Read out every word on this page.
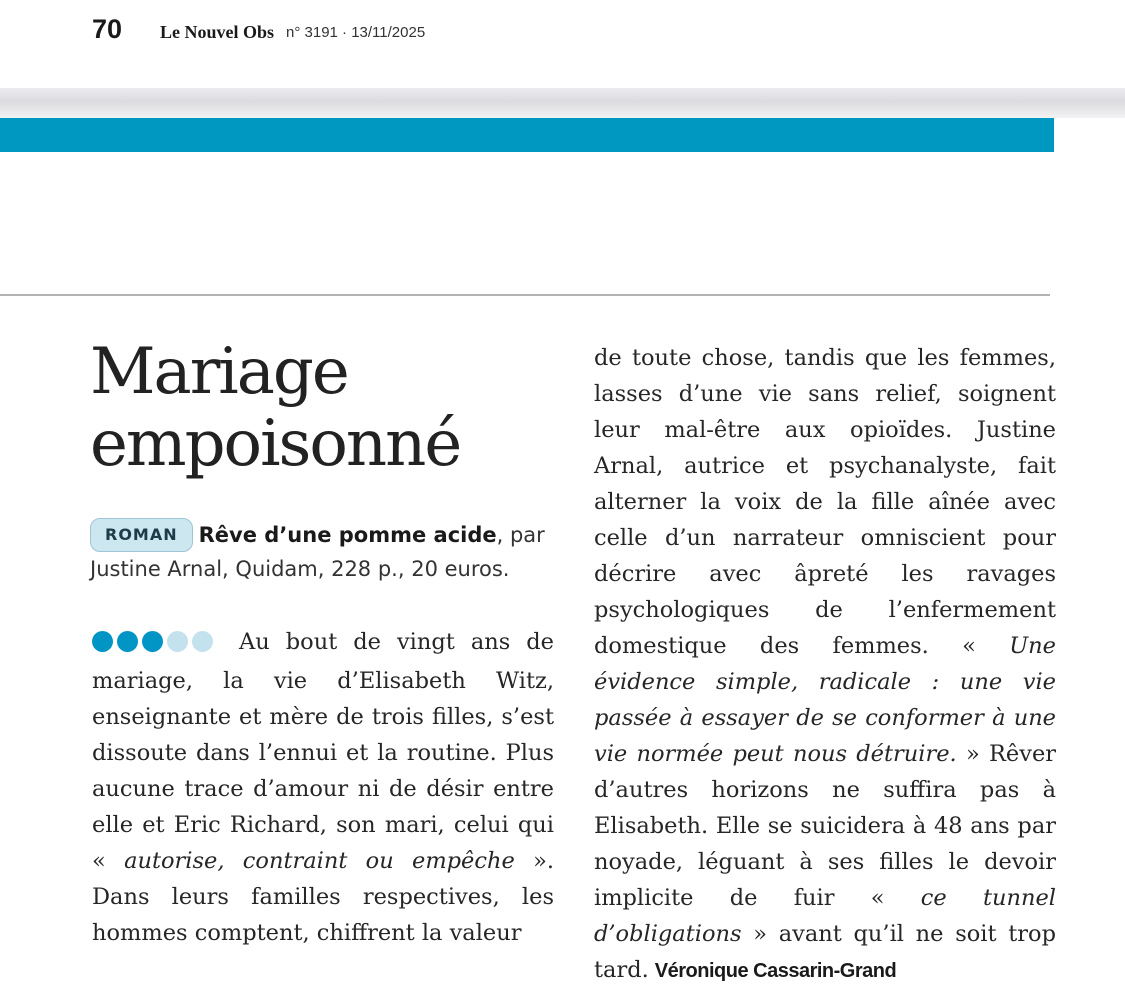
70 Le Nouvel Obs n° 3191 · 13/11/2025
Mariage
empoisonné
ROMAN Rêve d’une pomme acide, par Justine Arnal, Quidam, 228 p., 20 euros.

Au bout de vingt ans de mariage, la vie d’Elisabeth Witz, enseignante et mère de trois filles, s’est dissoute dans l’ennui et la routine. Plus aucune trace d’amour ni de désir entre elle et Eric Richard, son mari, celui qui « autorise, contraint ou empêche ». Dans leurs familles respectives, les hommes comptent, chiffrent la valeur

de toute chose, tandis que les femmes, lasses d’une vie sans relief, soignent leur mal-être aux opioïdes. Justine Arnal, autrice et psychanalyste, fait alterner la voix de la fille aînée avec celle d’un narrateur omniscient pour décrire avec âpreté les ravages psychologiques de l’enfermement domestique des femmes. « Une évidence simple, radicale : une vie passée à essayer de se conformer à une vie normée peut nous détruire. » Rêver d’autres horizons ne suffira pas à Elisabeth. Elle se suicidera à 48 ans par noyade, léguant à ses filles le devoir implicite de fuir « ce tunnel d’obligations » avant qu’il ne soit trop tard. Véronique Cassarin-Grand
